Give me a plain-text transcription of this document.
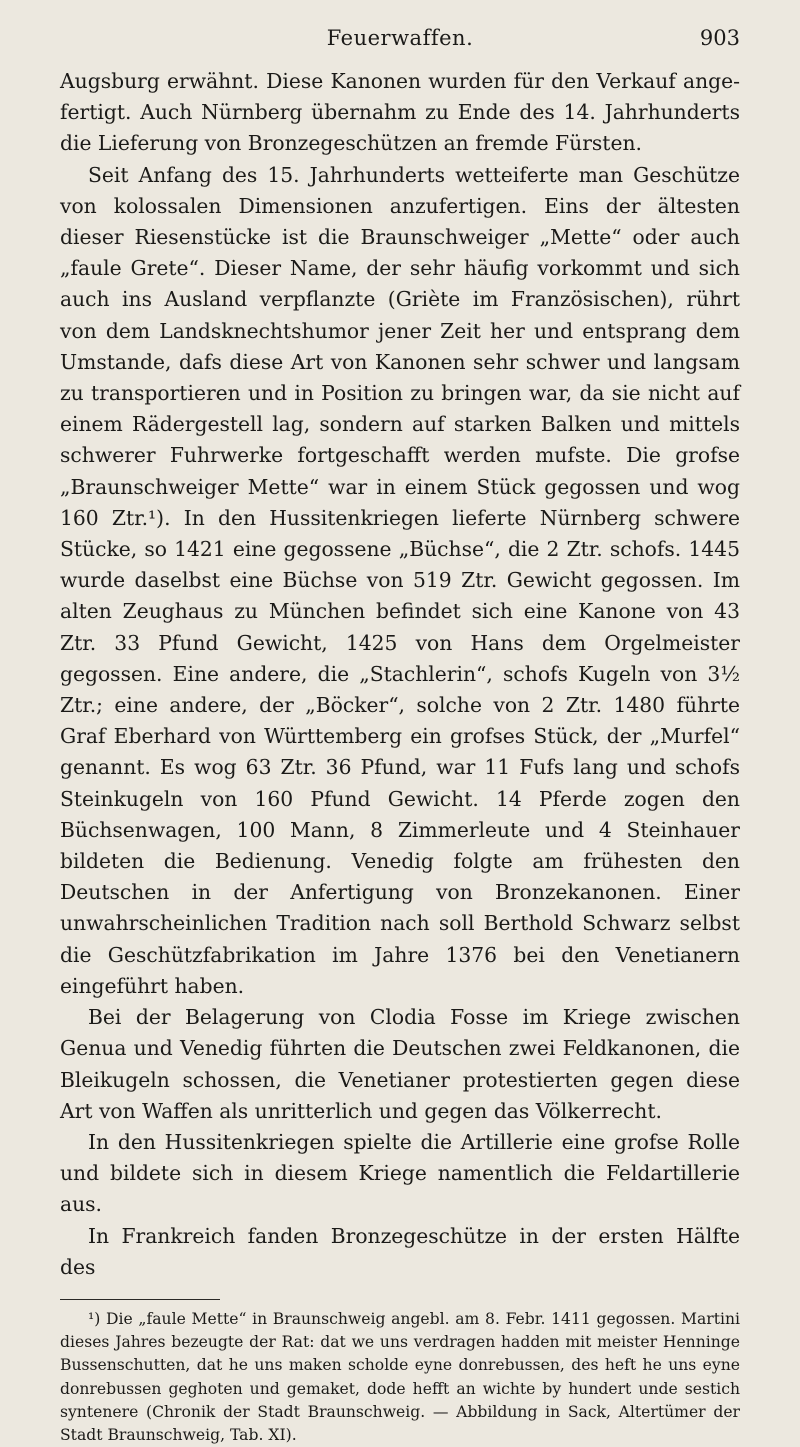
Feuerwaffen.	903

Augsburg erwähnt. Diese Kanonen wurden für den Verkauf angefertigt. Auch Nürnberg übernahm zu Ende des 14. Jahrhunderts die Lieferung von Bronzegeschützen an fremde Fürsten.

Seit Anfang des 15. Jahrhunderts wetteiferte man Geschütze von kolossalen Dimensionen anzufertigen. Eins der ältesten dieser Riesenstücke ist die Braunschweiger „Mette“ oder auch „faule Grete“. Dieser Name, der sehr häufig vorkommt und sich auch ins Ausland verpflanzte (Griète im Französischen), rührt von dem Landsknechtshumor jener Zeit her und entsprang dem Umstande, dafs diese Art von Kanonen sehr schwer und langsam zu transportieren und in Position zu bringen war, da sie nicht auf einem Rädergestell lag, sondern auf starken Balken und mittels schwerer Fuhrwerke fortgeschafft werden mufste. Die grofse „Braunschweiger Mette“ war in einem Stück gegossen und wog 160 Ztr.¹). In den Hussitenkriegen lieferte Nürnberg schwere Stücke, so 1421 eine gegossene „Büchse“, die 2 Ztr. schofs. 1445 wurde daselbst eine Büchse von 519 Ztr. Gewicht gegossen. Im alten Zeughaus zu München befindet sich eine Kanone von 43 Ztr. 33 Pfund Gewicht, 1425 von Hans dem Orgelmeister gegossen. Eine andere, die „Stachlerin“, schofs Kugeln von 3½ Ztr.; eine andere, der „Böcker“, solche von 2 Ztr. 1480 führte Graf Eberhard von Württemberg ein grofses Stück, der „Murfel“ genannt. Es wog 63 Ztr. 36 Pfund, war 11 Fufs lang und schofs Steinkugeln von 160 Pfund Gewicht. 14 Pferde zogen den Büchsenwagen, 100 Mann, 8 Zimmerleute und 4 Steinhauer bildeten die Bedienung. Venedig folgte am frühesten den Deutschen in der Anfertigung von Bronzekanonen. Einer unwahrscheinlichen Tradition nach soll Berthold Schwarz selbst die Geschützfabrikation im Jahre 1376 bei den Venetianern eingeführt haben.

Bei der Belagerung von Clodia Fosse im Kriege zwischen Genua und Venedig führten die Deutschen zwei Feldkanonen, die Bleikugeln schossen, die Venetianer protestierten gegen diese Art von Waffen als unritterlich und gegen das Völkerrecht.

In den Hussitenkriegen spielte die Artillerie eine grofse Rolle und bildete sich in diesem Kriege namentlich die Feldartillerie aus.

In Frankreich fanden Bronzegeschütze in der ersten Hälfte des

¹) Die „faule Mette“ in Braunschweig angebl. am 8. Febr. 1411 gegossen. Martini dieses Jahres bezeugte der Rat: dat we uns verdragen hadden mit meister Henninge Bussenschutten, dat he uns maken scholde eyne donrebussen, des heft he uns eyne donrebussen geghoten und gemaket, dode hefft an wichte by hundert unde sestich syntenere (Chronik der Stadt Braunschweig. — Abbildung in Sack, Altertümer der Stadt Braunschweig, Tab. XI).
